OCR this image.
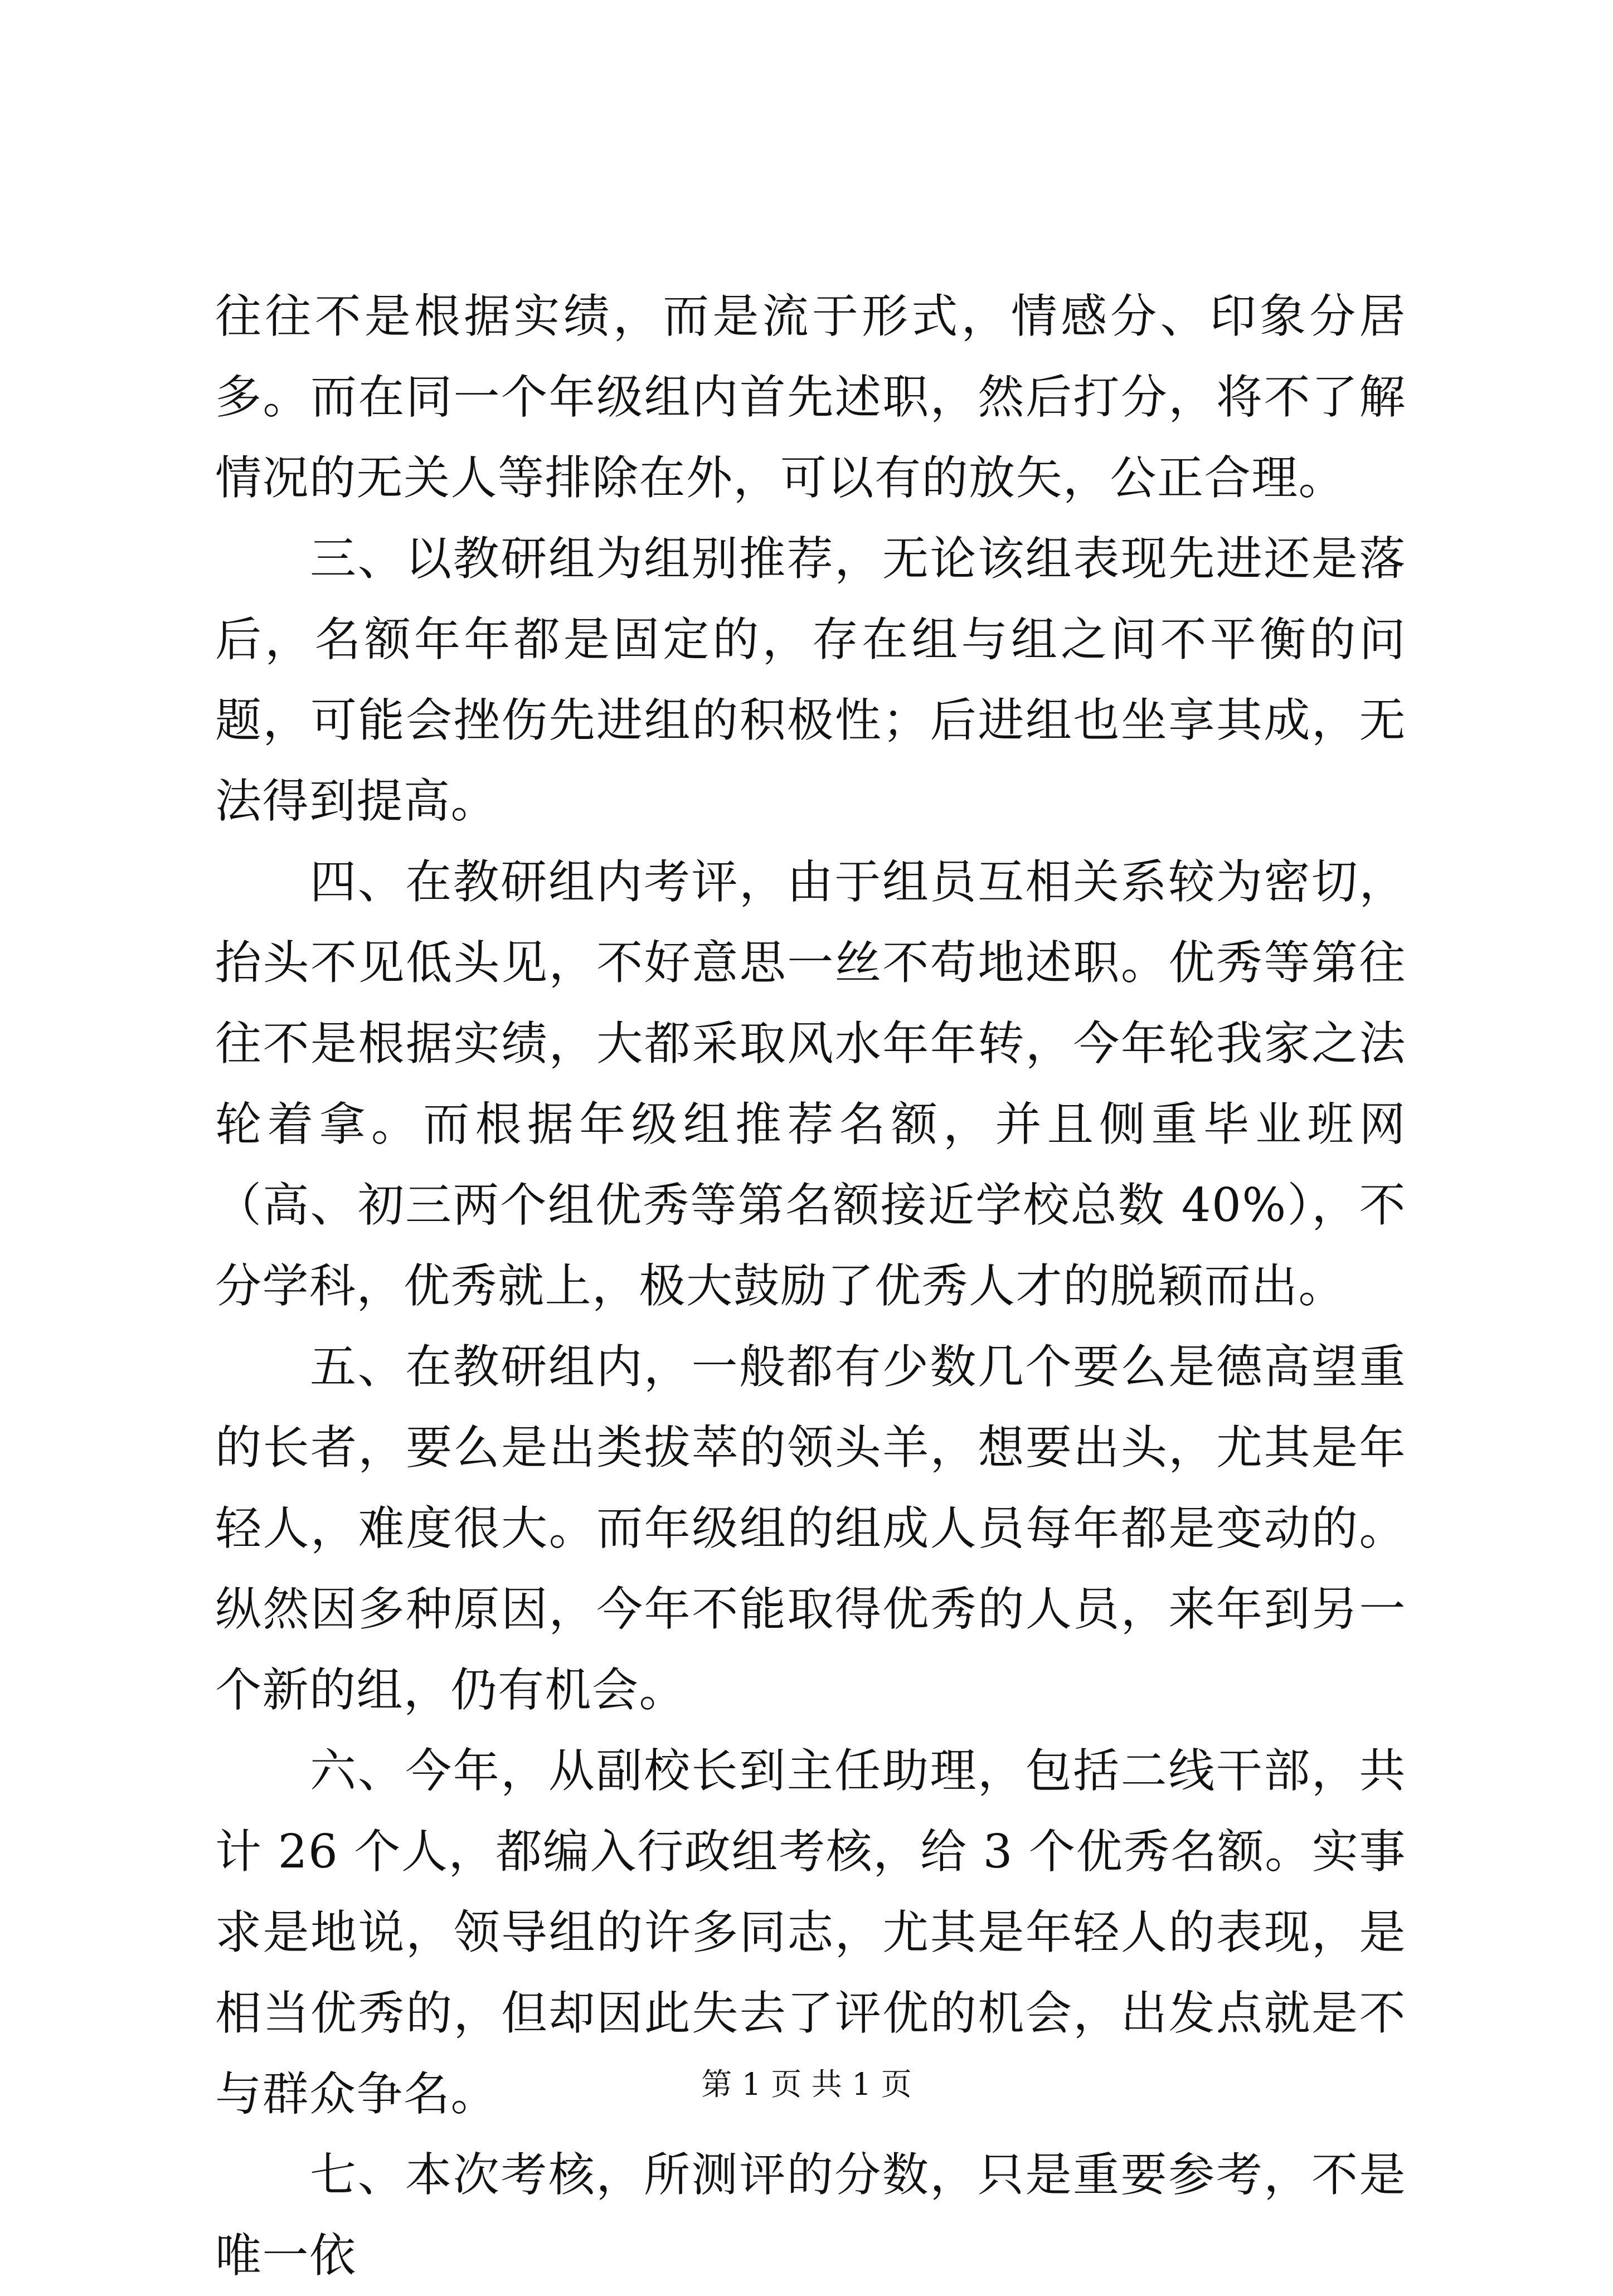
往往不是根据实绩，而是流于形式，情感分、印象分居多。而在同一个年级组内首先述职，然后打分，将不了解情况的无关人等排除在外，可以有的放矢，公正合理。

三、以教研组为组别推荐，无论该组表现先进还是落后，名额年年都是固定的，存在组与组之间不平衡的问题，可能会挫伤先进组的积极性；后进组也坐享其成，无法得到提高。

四、在教研组内考评，由于组员互相关系较为密切，抬头不见低头见，不好意思一丝不苟地述职。优秀等第往往不是根据实绩，大都采取风水年年转，今年轮我家之法轮着拿。而根据年级组推荐名额，并且侧重毕业班网（高、初三两个组优秀等第名额接近学校总数 40%），不分学科，优秀就上，极大鼓励了优秀人才的脱颖而出。

五、在教研组内，一般都有少数几个要么是德高望重的长者，要么是出类拔萃的领头羊，想要出头，尤其是年轻人，难度很大。而年级组的组成人员每年都是变动的。纵然因多种原因，今年不能取得优秀的人员，来年到另一个新的组，仍有机会。

六、今年，从副校长到主任助理，包括二线干部，共计 26 个人，都编入行政组考核，给 3 个优秀名额。实事求是地说，领导组的许多同志，尤其是年轻人的表现，是相当优秀的，但却因此失去了评优的机会，出发点就是不与群众争名。

七、本次考核，所测评的分数，只是重要参考，不是唯一依

第 1 页 共 1 页
